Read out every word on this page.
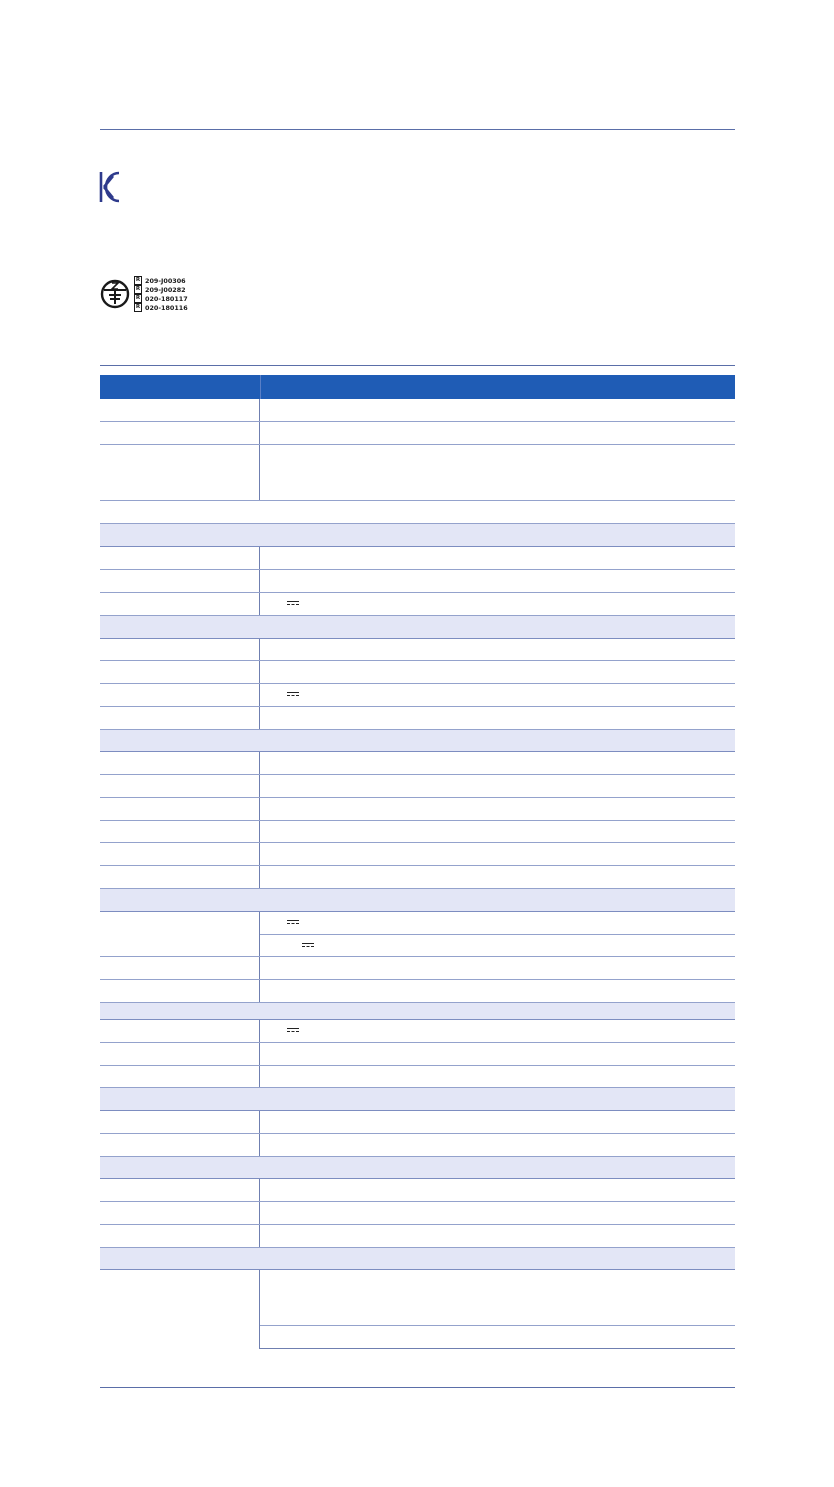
R 209-J00306
R 209-J00282
R 020-180117
R 020-180116
